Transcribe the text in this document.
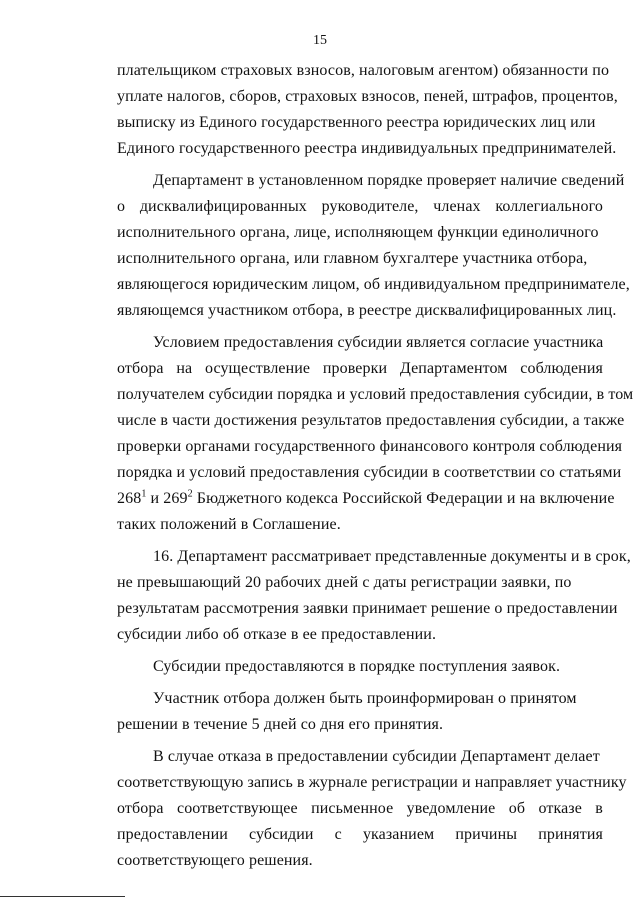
15

плательщиком страховых взносов, налоговым агентом) обязанности по
уплате налогов, сборов, страховых взносов, пеней, штрафов, процентов,
выписку из Единого государственного реестра юридических лиц или
Единого государственного реестра индивидуальных предпринимателей.

Департамент в установленном порядке проверяет наличие сведений
о дисквалифицированных руководителе, членах коллегиального
исполнительного органа, лице, исполняющем функции единоличного
исполнительного органа, или главном бухгалтере участника отбора,
являющегося юридическим лицом, об индивидуальном предпринимателе,
являющемся участником отбора, в реестре дисквалифицированных лиц.

Условием предоставления субсидии является согласие участника
отбора на осуществление проверки Департаментом соблюдения
получателем субсидии порядка и условий предоставления субсидии, в том
числе в части достижения результатов предоставления субсидии, а также
проверки органами государственного финансового контроля соблюдения
порядка и условий предоставления субсидии в соответствии со статьями
$268^1$ и $269^2$ Бюджетного кодекса Российской Федерации и на включение
таких положений в Соглашение.

16. Департамент рассматривает представленные документы и в срок,
не превышающий 20 рабочих дней с даты регистрации заявки, по
результатам рассмотрения заявки принимает решение о предоставлении
субсидии либо об отказе в ее предоставлении.

Субсидии предоставляются в порядке поступления заявок.

Участник отбора должен быть проинформирован о принятом
решении в течение 5 дней со дня его принятия.

В случае отказа в предоставлении субсидии Департамент делает
соответствующую запись в журнале регистрации и направляет участнику
отбора соответствующее письменное уведомление об отказе в
предоставлении субсидии с указанием причины принятия
соответствующего решения.
